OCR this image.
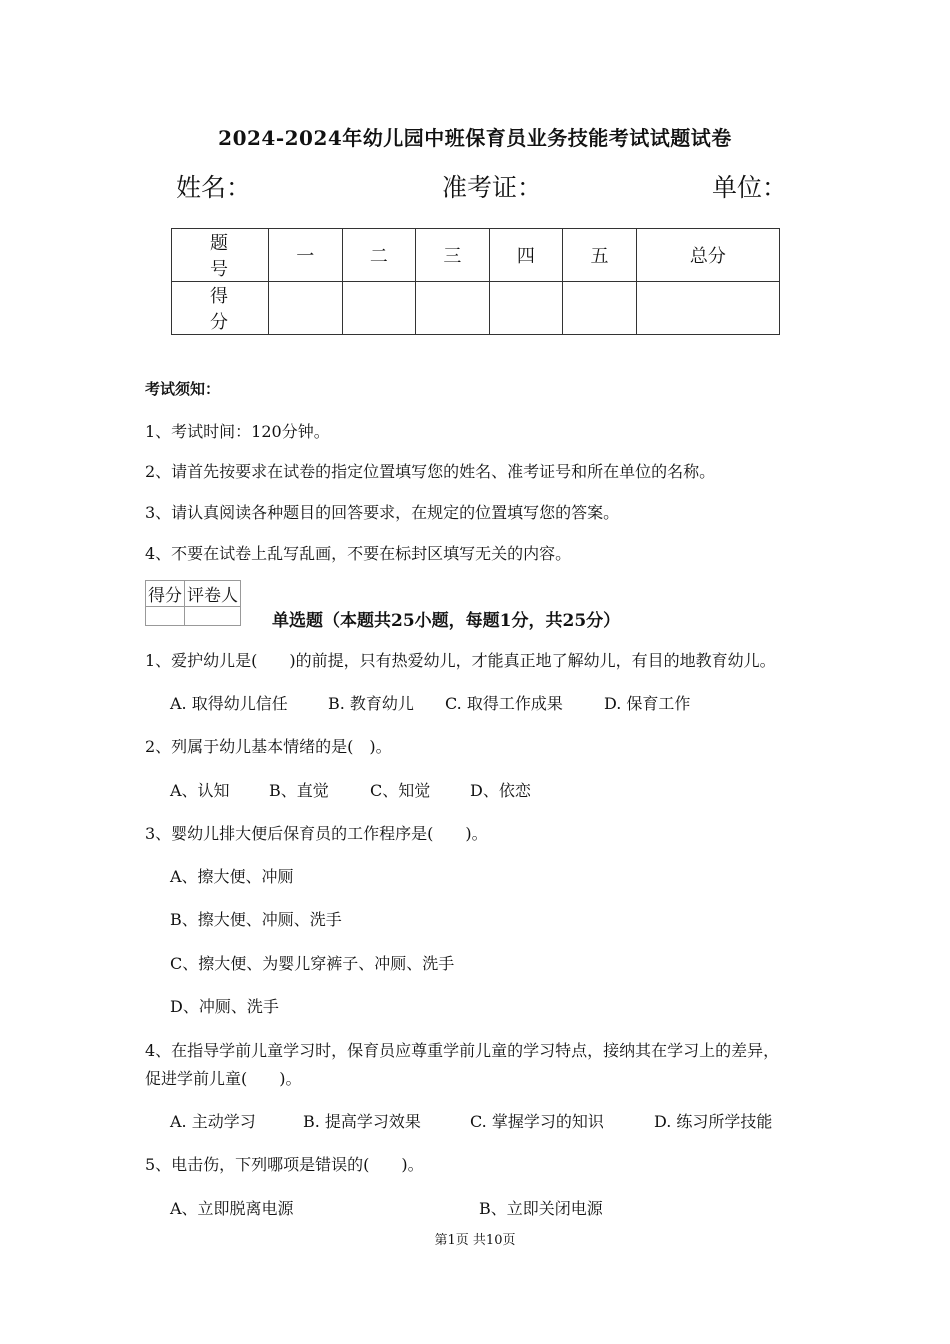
2024-2024年幼儿园中班保育员业务技能考试试题试卷
姓名：	准考证：	单位：
题　号	一	二	三	四	五	总分
得　分						
考试须知：
1、考试时间：120分钟。
2、请首先按要求在试卷的指定位置填写您的姓名、准考证号和所在单位的名称。
3、请认真阅读各种题目的回答要求，在规定的位置填写您的答案。
4、不要在试卷上乱写乱画，不要在标封区填写无关的内容。
得分	评卷人

单选题（本题共25小题，每题1分，共25分）
1、爱护幼儿是(　　)的前提，只有热爱幼儿，才能真正地了解幼儿，有目的地教育幼儿。
A. 取得幼儿信任	B. 教育幼儿 C. 取得工作成果	D. 保育工作
2、列属于幼儿基本情绪的是(　)。
A、认知 B、直觉	C、知觉 D、依恋
3、婴幼儿排大便后保育员的工作程序是(　　)。
A、擦大便、冲厕
B、擦大便、冲厕、洗手
C、擦大便、为婴儿穿裤子、冲厕、洗手
D、冲厕、洗手
4、在指导学前儿童学习时，保育员应尊重学前儿童的学习特点，接纳其在学习上的差异，
促进学前儿童(　　)。
A. 主动学习	B. 提高学习效果	C. 掌握学习的知识	D. 练习所学技能
5、电击伤，下列哪项是错误的(　　)。
A、立即脱离电源	B、立即关闭电源
第1页 共10页
